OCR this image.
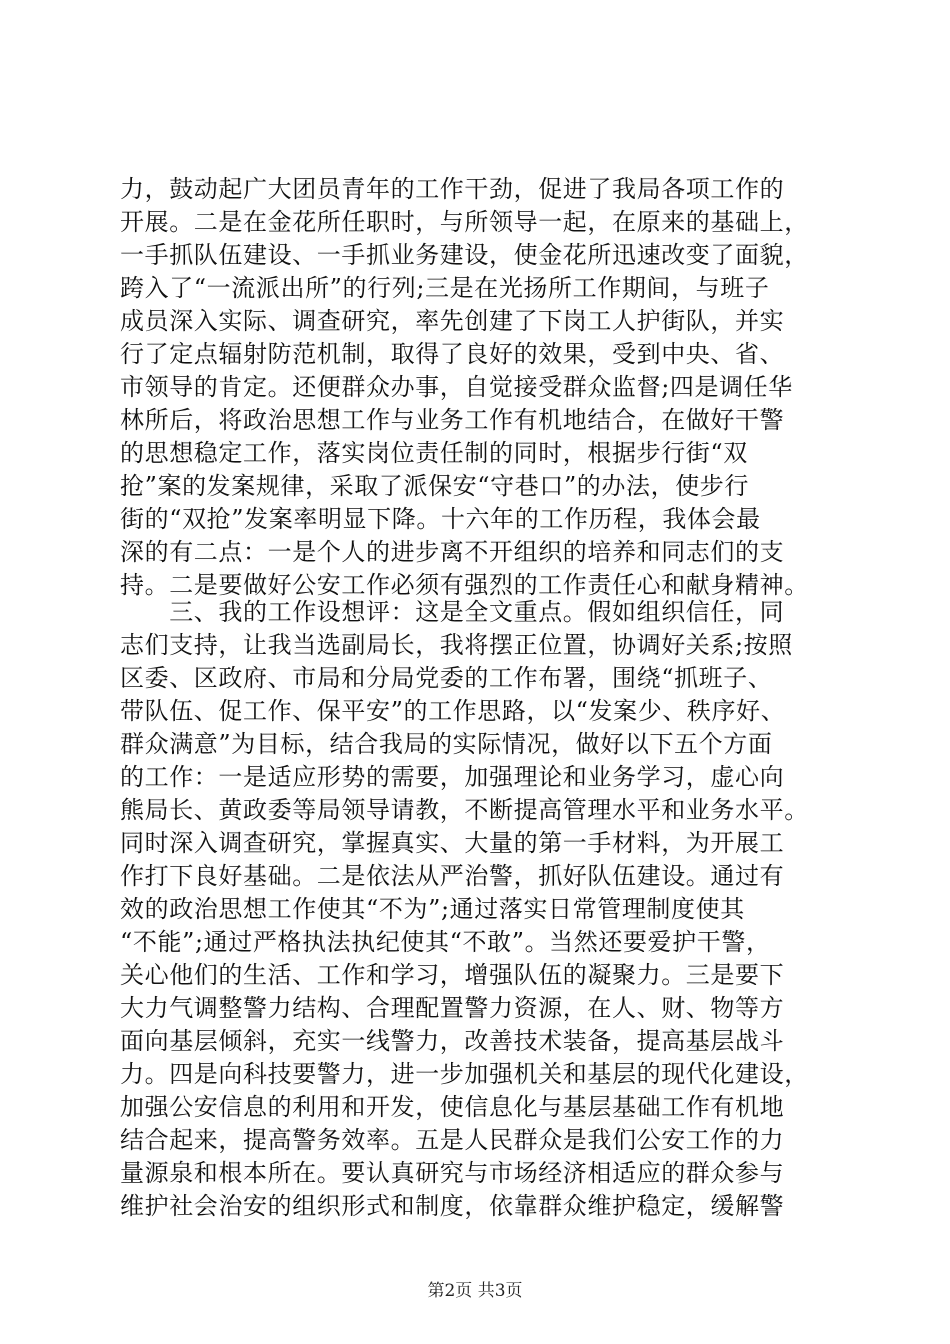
力，鼓动起广大团员青年的工作干劲，促进了我局各项工作的
开展。二是在金花所任职时，与所领导一起，在原来的基础上，
一手抓队伍建设、一手抓业务建设，使金花所迅速改变了面貌，
跨入了“一流派出所”的行列;三是在光扬所工作期间，与班子
成员深入实际、调查研究，率先创建了下岗工人护街队，并实
行了定点辐射防范机制，取得了良好的效果，受到中央、省、
市领导的肯定。还便群众办事，自觉接受群众监督;四是调任华
林所后，将政治思想工作与业务工作有机地结合，在做好干警
的思想稳定工作，落实岗位责任制的同时，根据步行街“双
抢”案的发案规律，采取了派保安“守巷口”的办法，使步行
街的“双抢”发案率明显下降。十六年的工作历程，我体会最
深的有二点：一是个人的进步离不开组织的培养和同志们的支
持。二是要做好公安工作必须有强烈的工作责任心和献身精神。
　　三、我的工作设想评：这是全文重点。假如组织信任，同
志们支持，让我当选副局长，我将摆正位置，协调好关系;按照
区委、区政府、市局和分局党委的工作布署，围绕“抓班子、
带队伍、促工作、保平安”的工作思路，以“发案少、秩序好、
群众满意”为目标，结合我局的实际情况，做好以下五个方面
的工作：一是适应形势的需要，加强理论和业务学习，虚心向
熊局长、黄政委等局领导请教，不断提高管理水平和业务水平。
同时深入调查研究，掌握真实、大量的第一手材料，为开展工
作打下良好基础。二是依法从严治警，抓好队伍建设。通过有
效的政治思想工作使其“不为”;通过落实日常管理制度使其
“不能”;通过严格执法执纪使其“不敢”。当然还要爱护干警，
关心他们的生活、工作和学习，增强队伍的凝聚力。三是要下
大力气调整警力结构、合理配置警力资源，在人、财、物等方
面向基层倾斜，充实一线警力，改善技术装备，提高基层战斗
力。四是向科技要警力，进一步加强机关和基层的现代化建设，
加强公安信息的利用和开发，使信息化与基层基础工作有机地
结合起来，提高警务效率。五是人民群众是我们公安工作的力
量源泉和根本所在。要认真研究与市场经济相适应的群众参与
维护社会治安的组织形式和制度，依靠群众维护稳定，缓解警
第2页 共3页
